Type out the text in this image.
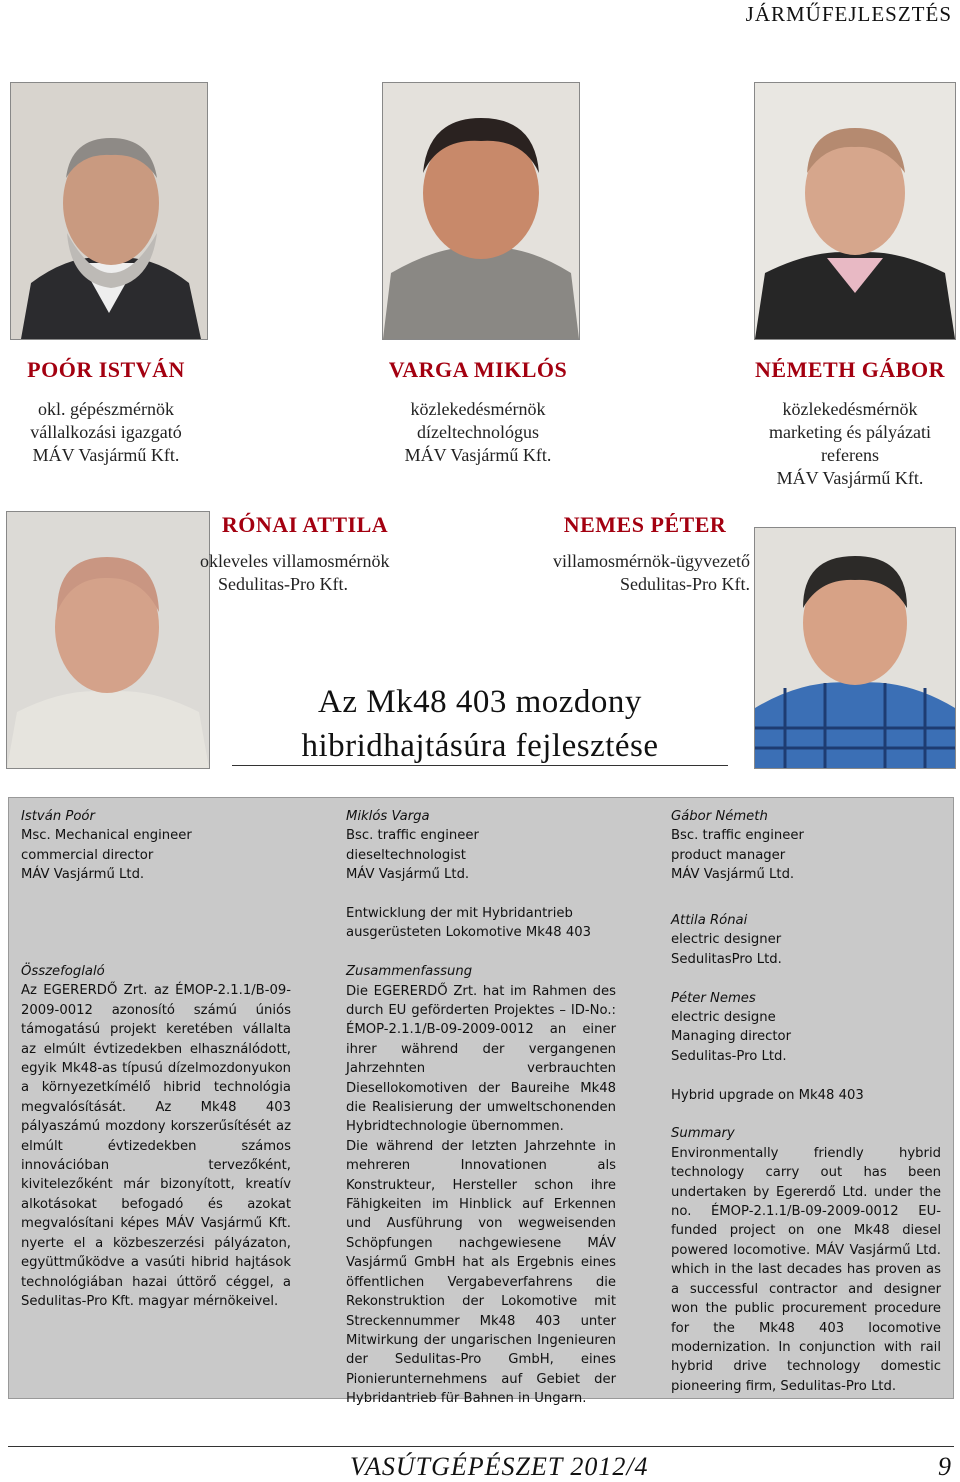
JÁRMŰFEJLESZTÉS
POÓR ISTVÁN
okl. gépészmérnök
vállalkozási igazgató
MÁV Vasjármű Kft.
VARGA MIKLÓS
közlekedésmérnök
dízeltechnológus
MÁV Vasjármű Kft.
NÉMETH GÁBOR
közlekedésmérnök
marketing és pályázati
referens
MÁV Vasjármű Kft.
RÓNAI ATTILA
okleveles villamosmérnök
Sedulitas-Pro Kft.
NEMES PÉTER
villamosmérnök-ügyvezető
Sedulitas-Pro Kft.
Az Mk48 403 mozdony
hibridhajtásúra fejlesztése

István Poór

Msc. Mechanical engineer

commercial director

MÁV Vasjármű Ltd.

Összefoglaló

Az EGERERDŐ Zrt. az ÉMOP-2.1.1/B-09-2009-0012 azonosító számú úniós támogatású projekt keretében vállalta az elmúlt évtizedekben elhasználódott, egyik Mk48-as típusú dízelmozdonyukon a környezetkímélő hibrid technológia megvalósítását. Az Mk48 403 pályaszámú mozdony korszerűsítését az elmúlt évtizedekben számos innovációban tervezőként, kivitelezőként már bizonyított, kreatív alkotásokat befogadó és azokat megvalósítani képes MÁV Vasjármű Kft. nyerte el a közbeszerzési pályázaton, együttműködve a vasúti hibrid hajtások technológiában hazai úttörő céggel, a Sedulitas-Pro Kft. magyar mérnökeivel.

Miklós Varga

Bsc. traffic engineer

dieseltechnologist

MÁV Vasjármű Ltd.

Entwicklung der mit Hybridantrieb ausgerüsteten Lokomotive Mk48 403

Zusammenfassung

Die EGERERDŐ Zrt. hat im Rahmen des durch EU geförderten Projektes – ID-No.: ÉMOP-2.1.1/B-09-2009-0012 an einer ihrer während der vergangenen Jahrzehnten verbrauchten Diesellokomotiven der Baureihe Mk48 die Realisierung der umweltschonenden Hybridtechnologie übernommen.

Die während der letzten Jahrzehnte in mehreren Innovationen als Konstrukteur, Hersteller schon ihre Fähigkeiten im Hinblick auf Erkennen und Ausführung von wegweisenden Schöpfungen nachgewiesene MÁV Vasjármű GmbH hat als Ergebnis eines öffentlichen Vergabeverfahrens die Rekonstruktion der Lokomotive mit Streckennummer Mk48 403 unter Mitwirkung der ungarischen Ingenieuren der Sedulitas-Pro GmbH, eines Pionierunternehmens auf Gebiet der Hybridantrieb für Bahnen in Ungarn.

Gábor Németh

Bsc. traffic engineer

product manager

MÁV Vasjármű Ltd.

Attila Rónai

electric designer

SedulitasPro Ltd.

Péter Nemes

electric designe

Managing director

Sedulitas-Pro Ltd.

Hybrid upgrade on Mk48 403

Summary

Environmentally friendly hybrid technology carry out has been undertaken by Egererdő Ltd. under the no. ÉMOP-2.1.1/B-09-2009-0012 EU-funded project on one Mk48 diesel powered locomotive. MÁV Vasjármű Ltd. which in the last decades has proven as a successful contractor and designer won the public procurement procedure for the Mk48 403 locomotive modernization. In conjunction with rail hybrid drive technology domestic pioneering firm, Sedulitas-Pro Ltd.

VASÚTGÉPÉSZET 2012/4	9
